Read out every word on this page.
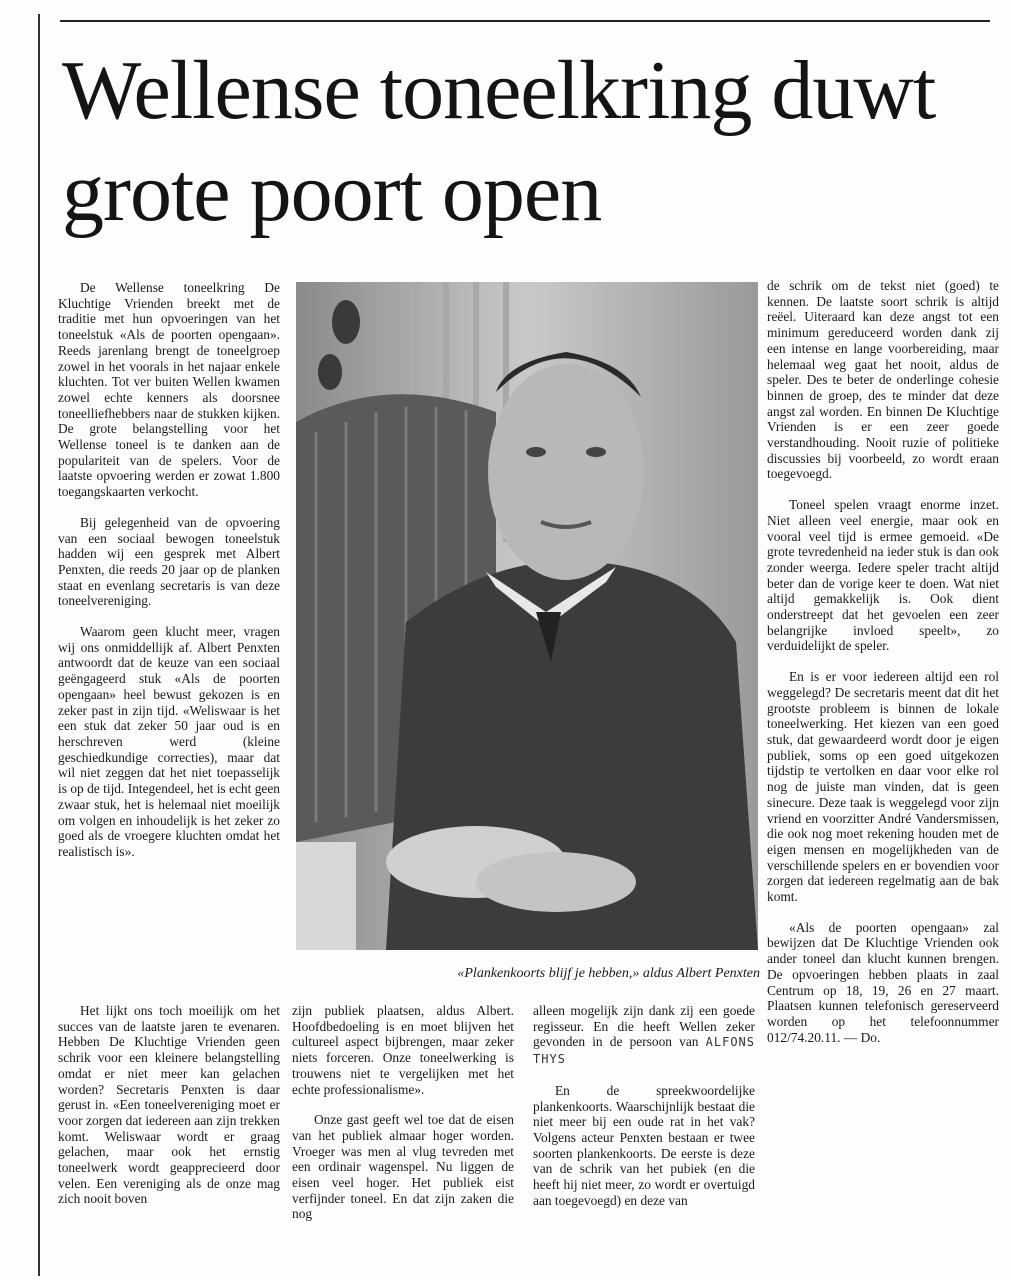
Wellense toneelkring duwt grote poort open

De Wellense toneelkring De Kluchtige Vrienden breekt met de traditie met hun opvoeringen van het toneelstuk «Als de poorten opengaan». Reeds jarenlang brengt de toneelgroep zowel in het voorals in het najaar enkele kluchten. Tot ver buiten Wellen kwamen zowel echte kenners als doorsnee toneelliefhebbers naar de stukken kijken. De grote belangstelling voor het Wellense toneel is te danken aan de populariteit van de spelers. Voor de laatste opvoering werden er zowat 1.800 toegangskaarten verkocht.

Bij gelegenheid van de opvoering van een sociaal bewogen toneelstuk hadden wij een gesprek met Albert Penxten, die reeds 20 jaar op de planken staat en evenlang secretaris is van deze toneelvereniging.

Waarom geen klucht meer, vragen wij ons onmiddellijk af. Albert Penxten antwoordt dat de keuze van een sociaal geëngageerd stuk «Als de poorten opengaan» heel bewust gekozen is en zeker past in zijn tijd. «Weliswaar is het een stuk dat zeker 50 jaar oud is en herschreven werd (kleine geschiedkundige correcties), maar dat wil niet zeggen dat het niet toepasselijk is op de tijd. Integendeel, het is echt geen zwaar stuk, het is helemaal niet moeilijk om volgen en inhoudelijk is het zeker zo goed als de vroegere kluchten omdat het realistisch is».

«Plankenkoorts blijf je hebben,» aldus Albert Penxten

Het lijkt ons toch moeilijk om het succes van de laatste jaren te evenaren. Hebben De Kluchtige Vrienden geen schrik voor een kleinere belangstelling omdat er niet meer kan gelachen worden? Secretaris Penxten is daar gerust in. «Een toneelvereniging moet er voor zorgen dat iedereen aan zijn trekken komt. Weliswaar wordt er graag gelachen, maar ook het ernstig toneelwerk wordt geapprecieerd door velen. Een vereniging als de onze mag zich nooit boven

zijn publiek plaatsen, aldus Albert. Hoofdbedoeling is en moet blijven het cultureel aspect bijbrengen, maar zeker niets forceren. Onze toneelwerking is trouwens niet te vergelijken met het echte professionalisme».

Onze gast geeft wel toe dat de eisen van het publiek almaar hoger worden. Vroeger was men al vlug tevreden met een ordinair wagenspel. Nu liggen de eisen veel hoger. Het publiek eist verfijnder toneel. En dat zijn zaken die nog

alleen mogelijk zijn dank zij een goede regisseur. En die heeft Wellen zeker gevonden in de persoon van ALFONS THYS

En de spreekwoordelijke plankenkoorts. Waarschijnlijk bestaat die niet meer bij een oude rat in het vak? Volgens acteur Penxten bestaan er twee soorten plankenkoorts. De eerste is deze van de schrik van het pubiek (en die heeft hij niet meer, zo wordt er overtuigd aan toegevoegd) en deze van

de schrik om de tekst niet (goed) te kennen. De laatste soort schrik is altijd reëel. Uiteraard kan deze angst tot een minimum gereduceerd worden dank zij een intense en lange voorbereiding, maar helemaal weg gaat het nooit, aldus de speler. Des te beter de onderlinge cohesie binnen de groep, des te minder dat deze angst zal worden. En binnen De Kluchtige Vrienden is er een zeer goede verstandhouding. Nooit ruzie of politieke discussies bij voorbeeld, zo wordt eraan toegevoegd.

Toneel spelen vraagt enorme inzet. Niet alleen veel energie, maar ook en vooral veel tijd is ermee gemoeid. «De grote tevredenheid na ieder stuk is dan ook zonder weerga. Iedere speler tracht altijd beter dan de vorige keer te doen. Wat niet altijd gemakkelijk is. Ook dient onderstreept dat het gevoelen een zeer belangrijke invloed speelt», zo verduidelijkt de speler.

En is er voor iedereen altijd een rol weggelegd? De secretaris meent dat dit het grootste probleem is binnen de lokale toneelwerking. Het kiezen van een goed stuk, dat gewaardeerd wordt door je eigen publiek, soms op een goed uitgekozen tijdstip te vertolken en daar voor elke rol nog de juiste man vinden, dat is geen sinecure. Deze taak is weggelegd voor zijn vriend en voorzitter André Vandersmissen, die ook nog moet rekening houden met de eigen mensen en mogelijkheden van de verschillende spelers en er bovendien voor zorgen dat iedereen regelmatig aan de bak komt.

«Als de poorten opengaan» zal bewijzen dat De Kluchtige Vrienden ook ander toneel dan klucht kunnen brengen. De opvoeringen hebben plaats in zaal Centrum op 18, 19, 26 en 27 maart. Plaatsen kunnen telefonisch gereserveerd worden op het telefoonnummer 012/74.20.11. — Do.
